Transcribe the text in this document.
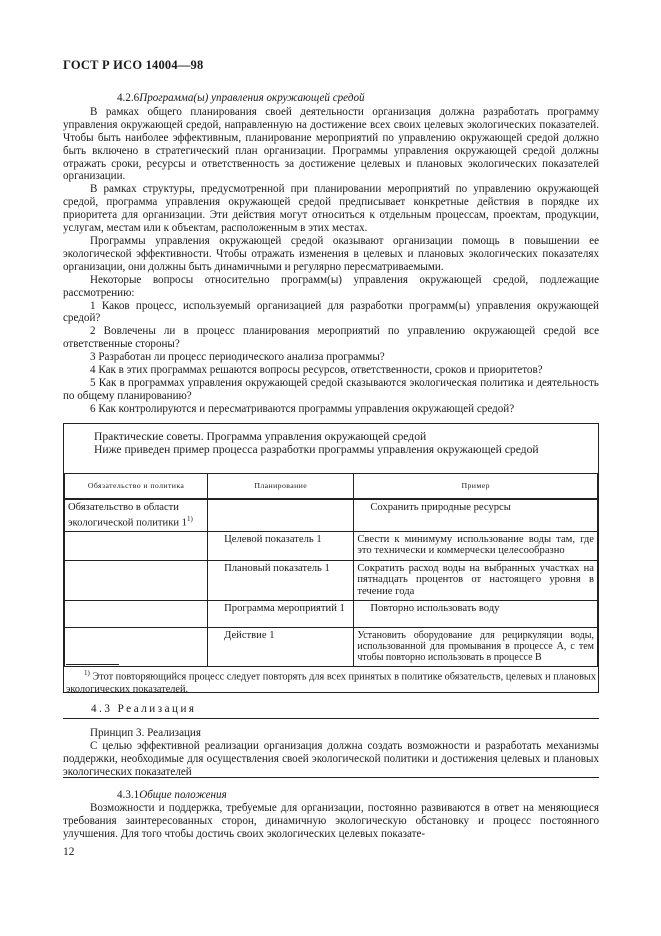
ГОСТ Р ИСО 14004—98

4.2.6Программа(ы) управления окружающей средой

В рамках общего планирования своей деятельности организация должна разработать программу управления окружающей средой, направленную на достижение всех своих целевых экологических показателей. Чтобы быть наиболее эффективным, планирование мероприятий по управлению окружающей средой должно быть включено в стратегический план организации. Программы управления окружающей средой должны отражать сроки, ресурсы и ответственность за достижение целевых и плановых экологических показателей организации.

В рамках структуры, предусмотренной при планировании мероприятий по управлению окружающей средой, программа управления окружающей средой предписывает конкретные действия в порядке их приоритета для организации. Эти действия могут относиться к отдельным процессам, проектам, продукции, услугам, местам или к объектам, расположенным в этих местах.

Программы управления окружающей средой оказывают организации помощь в повышении ее экологической эффективности. Чтобы отражать изменения в целевых и плановых экологических показателях организации, они должны быть динамичными и регулярно пересматриваемыми.

Некоторые вопросы относительно программ(ы) управления окружающей средой, подлежащие рассмотрению:

1 Каков процесс, используемый организацией для разработки программ(ы) управления окружающей средой?

2 Вовлечены ли в процесс планирования мероприятий по управлению окружающей средой все ответственные стороны?

3 Разработан ли процесс периодического анализа программы?

4 Как в этих программах решаются вопросы ресурсов, ответственности, сроков и приоритетов?

5 Как в программах управления окружающей средой сказываются экологическая политика и деятельность по общему планированию?

6 Как контролируются и пересматриваются программы управления окружающей средой?

Практические советы. Программа управления окружающей средой
Ниже приведен пример процесса разработки программы управления окружающей средой
Обязательство и политика	Планирование	Пример
Обязательство в области экологической политики 1$^{1)}$		Сохранить природные ресурсы
	Целевой показатель 1	Свести к минимуму использование воды там, где это технически и коммерчески целесообразно
	Плановый показатель 1	Сократить расход воды на выбранных участках на пятнадцать процентов от настоящего уровня в течение года
	Программа мероприятий 1	Повторно использовать воду
	Действие 1	Установить оборудование для рециркуляции воды, использованной для промывания в процессе А, с тем чтобы повторно использовать в процессе В
$^{1)}$ Этот повторяющийся процесс следует повторять для всех принятых в политике обязательств, целевых и плановых экологических показателей.
4.3 Реализация

Принцип 3. Реализация

С целью эффективной реализации организация должна создать возможности и разработать механизмы поддержки, необходимые для осуществления своей экологической политики и достижения целевых и плановых экологических показателей

4.3.1Общие положения

Возможности и поддержка, требуемые для организации, постоянно развиваются в ответ на меняющиеся требования заинтересованных сторон, динамичную экологическую обстановку и процесс постоянного улучшения. Для того чтобы достичь своих экологических целевых показате-

12
